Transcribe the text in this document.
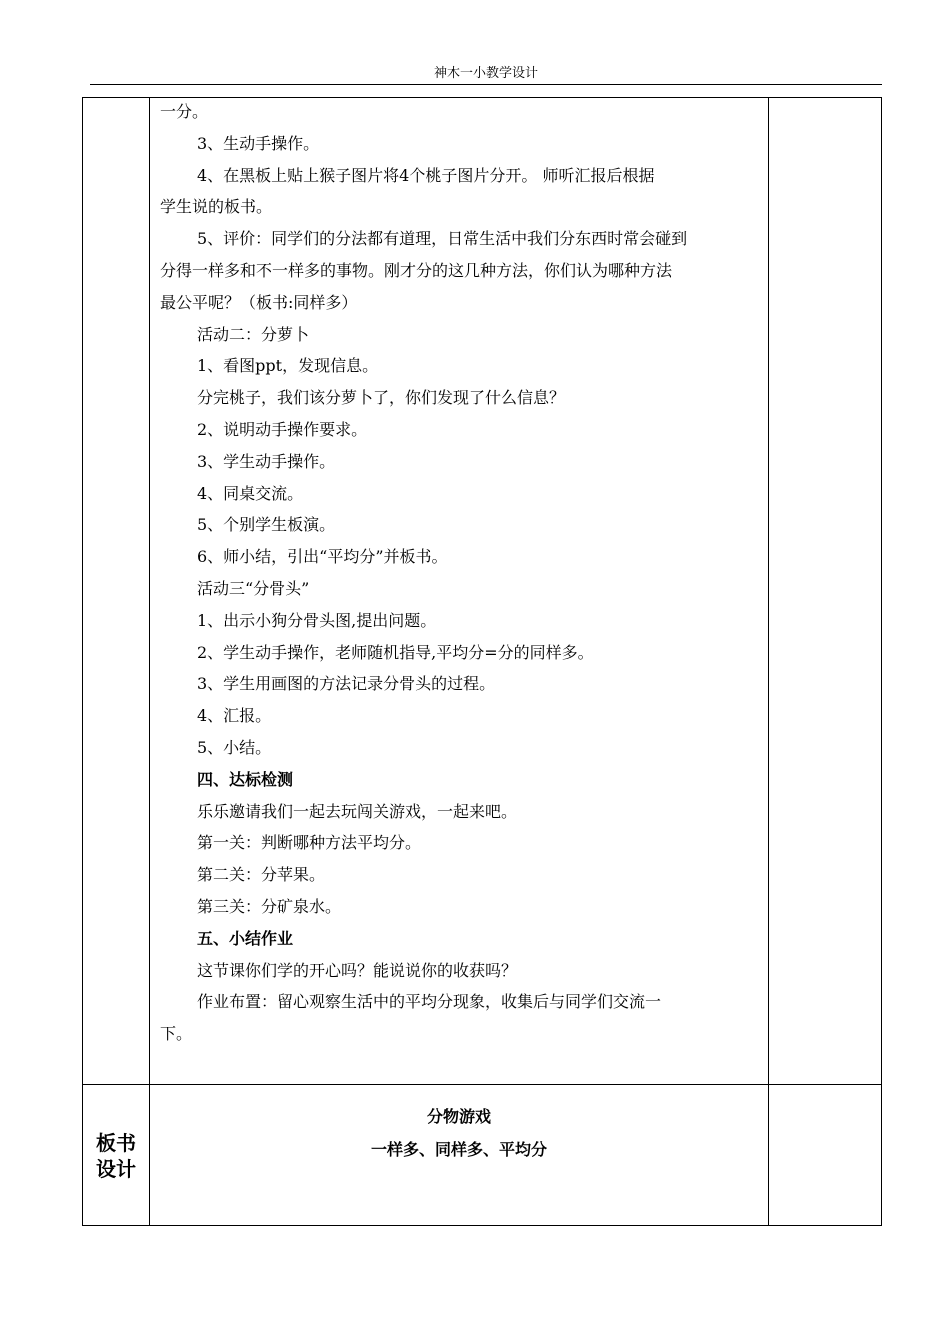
神木一小教学设计
一分。
3、生动手操作。
4、在黑板上贴上猴子图片将4个桃子图片分开。 师听汇报后根据
学生说的板书。
5、评价：同学们的分法都有道理，日常生活中我们分东西时常会碰到
分得一样多和不一样多的事物。刚才分的这几种方法，你们认为哪种方法
最公平呢？（板书:同样多）
活动二：分萝卜
1、看图ppt，发现信息。
分完桃子，我们该分萝卜了，你们发现了什么信息？
2、说明动手操作要求。
3、学生动手操作。
4、同桌交流。
5、个别学生板演。
6、师小结，引出“平均分”并板书。
活动三“分骨头”
1、出示小狗分骨头图,提出问题。
2、学生动手操作，老师随机指导,平均分=分的同样多。
3、学生用画图的方法记录分骨头的过程。
4、汇报。
5、小结。
四、达标检测
乐乐邀请我们一起去玩闯关游戏，一起来吧。
第一关：判断哪种方法平均分。
第二关：分苹果。
第三关：分矿泉水。
五、小结作业
这节课你们学的开心吗？能说说你的收获吗？
作业布置：留心观察生活中的平均分现象，收集后与同学们交流一
下。
板书
设计
分物游戏
一样多、同样多、平均分
